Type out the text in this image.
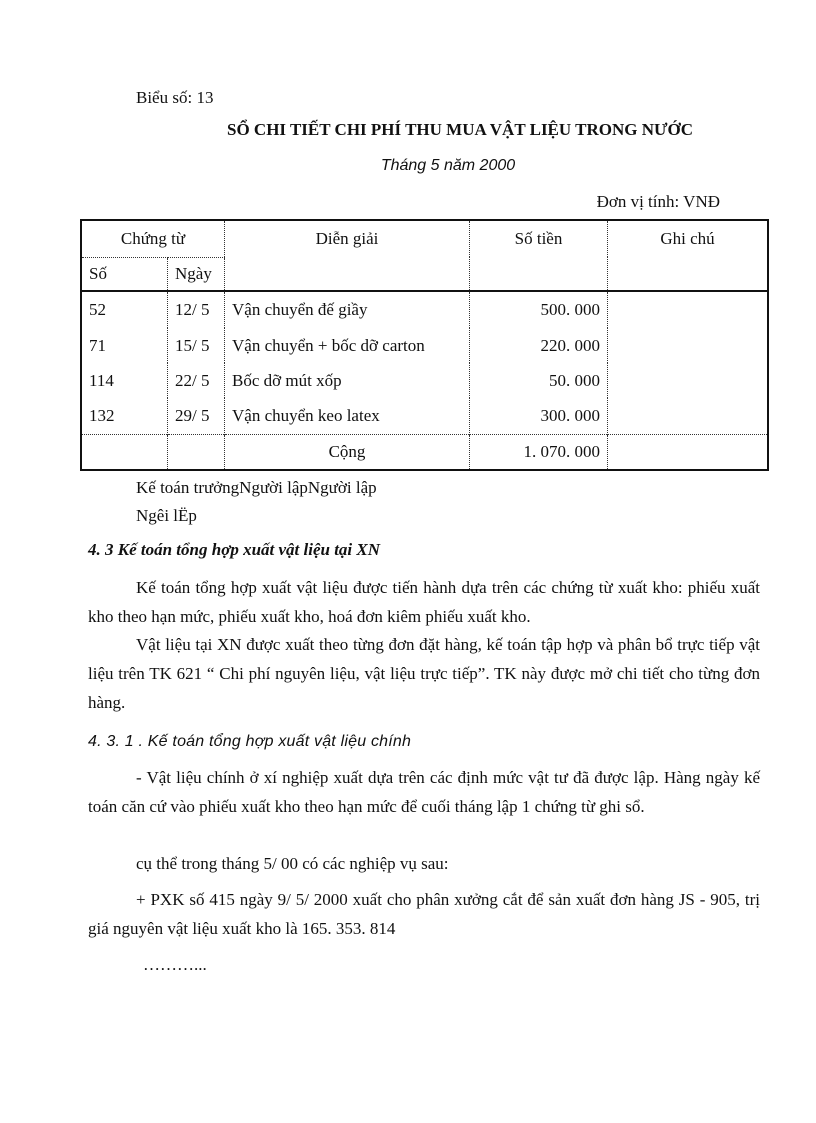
Biểu số: 13
SỔ CHI TIẾT CHI PHÍ THU MUA VẬT LIỆU TRONG NƯỚC
Tháng 5 năm 2000
Đơn vị tính: VNĐ
Chứng từ		Diễn giải	Số tiền	Ghi chú
Số	Ngày			
52	12/ 5	Vận chuyển đế giầy	500. 000	
71	15/ 5	Vận chuyển + bốc dỡ carton	220. 000	
114	22/ 5	Bốc dỡ mút xốp	50. 000	
132	29/ 5	Vận chuyển keo latex	300. 000	
		Cộng	1. 070. 000	
Kế toán trưởngNgười lậpNgười lập
Ngêi lËp
4. 3 Kế toán tổng hợp xuất vật liệu tại XN
Kế toán tổng hợp xuất vật liệu được tiến hành dựa trên các chứng từ xuất kho: phiếu xuất kho theo hạn mức, phiếu xuất kho, hoá đơn kiêm phiếu xuất kho.
Vật liệu tại XN được xuất theo từng đơn đặt hàng, kế toán tập hợp và phân bổ trực tiếp vật liệu trên TK 621 “ Chi phí nguyên liệu, vật liệu trực tiếp”. TK này được mở chi tiết cho từng đơn hàng.
4. 3. 1 . Kế toán tổng hợp xuất vật liệu chính
- Vật liệu chính ở xí nghiệp xuất dựa trên các định mức vật tư đã được lập. Hàng ngày kế toán căn cứ vào phiếu xuất kho theo hạn mức để cuối tháng lập 1 chứng từ ghi sổ.
cụ thể trong tháng 5/ 00 có các nghiệp vụ sau:
+ PXK số 415 ngày 9/ 5/ 2000 xuất cho phân xưởng cắt để sản xuất đơn hàng JS - 905, trị giá nguyên vật liệu xuất kho là 165. 353. 814
………...
